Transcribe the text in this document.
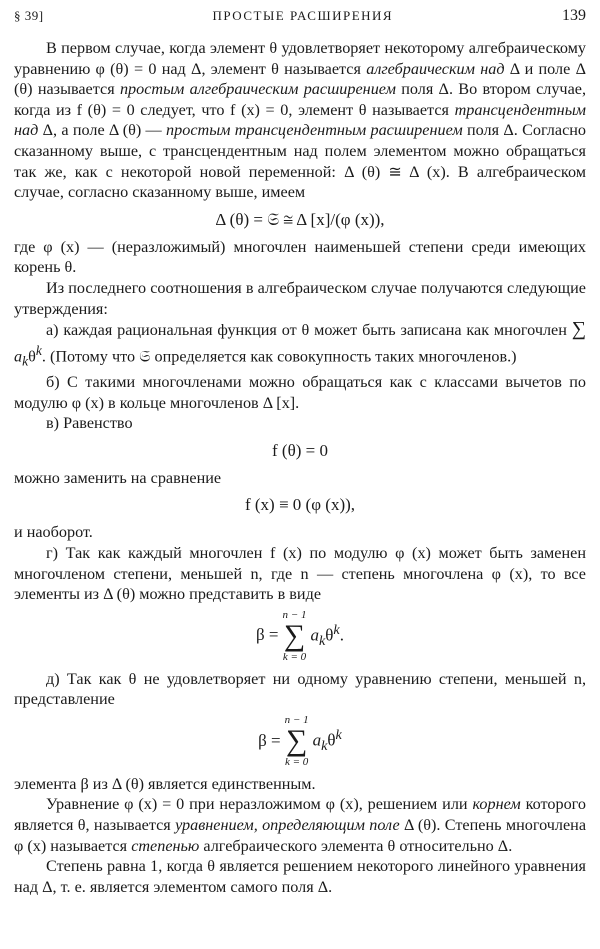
§ 39]	ПРОСТЫЕ РАСШИРЕНИЯ	139

В первом случае, когда элемент θ удовлетворяет некоторому алгебраическому уравнению φ (θ) = 0 над Δ, элемент θ называется алгебраическим над Δ и поле Δ (θ) называется простым алгебраическим расширением поля Δ. Во втором случае, когда из f (θ) = 0 следует, что f (x) = 0, элемент θ называется трансцендентным над Δ, а поле Δ (θ) — простым трансцендентным расширением поля Δ. Согласно сказанному выше, с трансцендентным над полем элементом можно обращаться так же, как с некоторой новой переменной: Δ (θ) ≅ Δ (x). В алгебраическом случае, согласно сказанному выше, имеем

Δ (θ) = 𝔖 ≅ Δ [x]/(φ (x)),

где φ (x) — (неразложимый) многочлен наименьшей степени среди имеющих корень θ.

Из последнего соотношения в алгебраическом случае получаются следующие утверждения:

а) каждая рациональная функция от θ может быть записана как многочлен ∑ $a_k\theta^k$. (Потому что 𝔖 определяется как совокупность таких многочленов.)

б) С такими многочленами можно обращаться как с классами вычетов по модулю φ (x) в кольце многочленов Δ [x].

в) Равенство

f (θ) = 0

можно заменить на сравнение

f (x) ≡ 0 (φ (x)),

и наоборот.

г) Так как каждый многочлен f (x) по модулю φ (x) может быть заменен многочленом степени, меньшей n, где n — степень многочлена φ (x), то все элементы из Δ (θ) можно представить в виде

β =
n − 1
∑
k = 0
$a_k\theta^k$.

д) Так как θ не удовлетворяет ни одному уравнению степени, меньшей n, представление

β =
n − 1
∑
k = 0
$a_k\theta^k$

элемента β из Δ (θ) является единственным.

Уравнение φ (x) = 0 при неразложимом φ (x), решением или корнем которого является θ, называется уравнением, определяющим поле Δ (θ). Степень многочлена φ (x) называется степенью алгебраического элемента θ относительно Δ.

Степень равна 1, когда θ является решением некоторого линейного уравнения над Δ, т. е. является элементом самого поля Δ.
